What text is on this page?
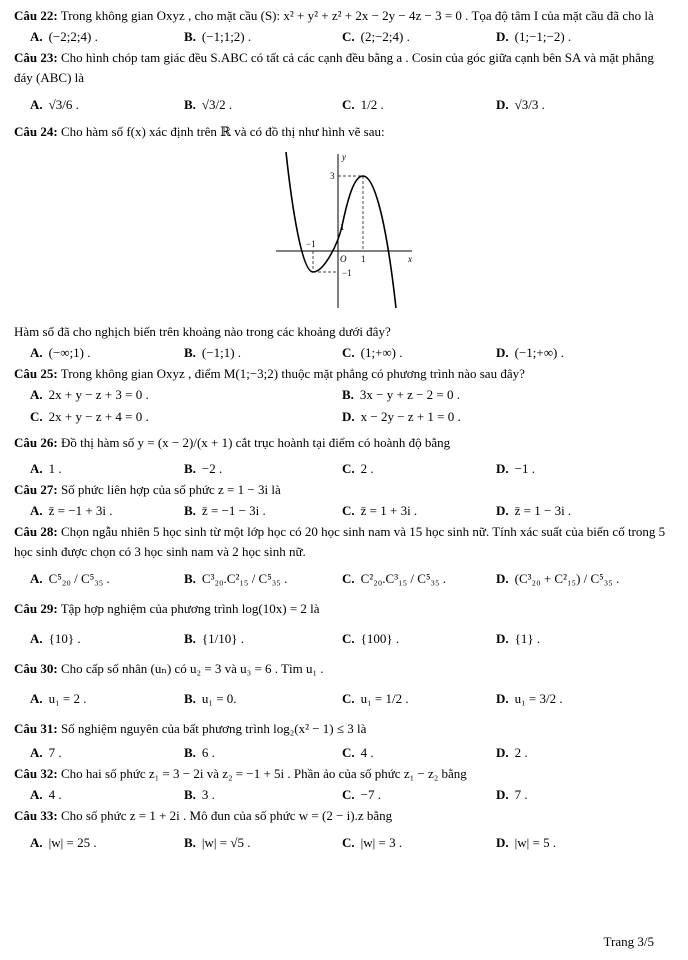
Câu 22: Trong không gian Oxyz , cho mặt cầu (S): x² + y² + z² + 2x − 2y − 4z − 3 = 0 . Tọa độ tâm I của mặt cầu đã cho là

A. (−2;2;4) .	B. (−1;1;2) .	C. (2;−2;4) .	D. (1;−1;−2) .

Câu 23: Cho hình chóp tam giác đều S.ABC có tất cả các cạnh đều bằng a . Cosin của góc giữa cạnh bên SA và mặt phẳng đáy (ABC) là

A. √3/6 .	B. √3/2 .	C. 1/2 .	D. √3/3 .

Câu 24: Cho hàm số f(x) xác định trên ℝ và có đồ thị như hình vẽ sau:

y
x
3
1
−1
O 1
−1

Hàm số đã cho nghịch biến trên khoảng nào trong các khoảng dưới đây?

A. (−∞;1) .	B. (−1;1) .	C. (1;+∞) .	D. (−1;+∞) .

Câu 25: Trong không gian Oxyz , điểm M(1;−3;2) thuộc mặt phẳng có phương trình nào sau đây?

A. 2x + y − z + 3 = 0 .	B. 3x − y + z − 2 = 0 .
C. 2x + y − z + 4 = 0 .	D. x − 2y − z + 1 = 0 .

Câu 26: Đồ thị hàm số y = (x − 2)/(x + 1) cắt trục hoành tại điểm có hoành độ bằng

A. 1 .	B. −2 .	C. 2 .	D. −1 .

Câu 27: Số phức liên hợp của số phức z = 1 − 3i là

A. z̄ = −1 + 3i .	B. z̄ = −1 − 3i .	C. z̄ = 1 + 3i .	D. z̄ = 1 − 3i .

Câu 28: Chọn ngẫu nhiên 5 học sinh từ một lớp học có 20 học sinh nam và 15 học sinh nữ. Tính xác suất của biến cố trong 5 học sinh được chọn có 3 học sinh nam và 2 học sinh nữ.

A. C⁵₂₀ / C⁵₃₅ .	B. C³₂₀.C²₁₅ / C⁵₃₅ .	C. C²₂₀.C³₁₅ / C⁵₃₅ .	D. (C³₂₀ + C²₁₅) / C⁵₃₅ .

Câu 29: Tập hợp nghiệm của phương trình log(10x) = 2 là

A. {10} .	B. {1/10} .	C. {100} .	D. {1} .

Câu 30: Cho cấp số nhân (uₙ) có u₂ = 3 và u₃ = 6 . Tìm u₁ .

A. u₁ = 2 .	B. u₁ = 0.	C. u₁ = 1/2 .	D. u₁ = 3/2 .

Câu 31: Số nghiệm nguyên của bất phương trình log₂(x² − 1) ≤ 3 là

A. 7 .	B. 6 .	C. 4 .	D. 2 .

Câu 32: Cho hai số phức z₁ = 3 − 2i và z₂ = −1 + 5i . Phần ảo của số phức z₁ − z₂ bằng

A. 4 .	B. 3 .	C. −7 .	D. 7 .

Câu 33: Cho số phức z = 1 + 2i . Mô đun của số phức w = (2 − i).z bằng

A. |w| = 25 .	B. |w| = √5 .	C. |w| = 3 .	D. |w| = 5 .
Trang 3/5
